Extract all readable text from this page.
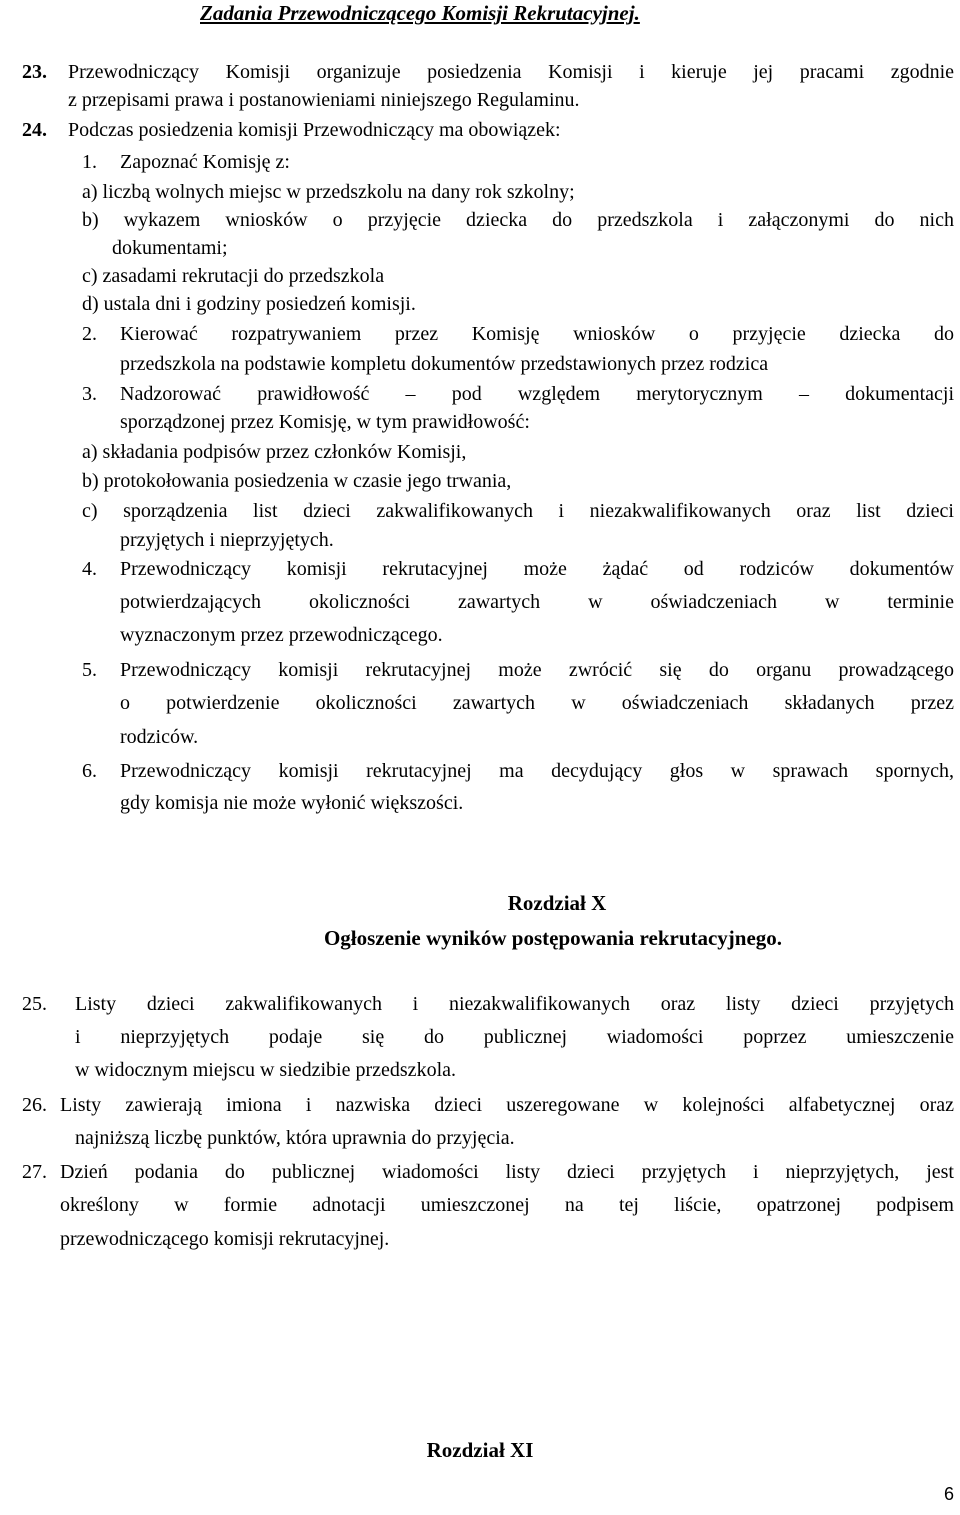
Zadania Przewodniczącego Komisji Rekrutacyjnej.
23. Przewodniczący Komisji organizuje posiedzenia Komisji i kieruje jej pracami zgodnie
z przepisami prawa i postanowieniami niniejszego Regulaminu.
24. Podczas posiedzenia komisji Przewodniczący ma obowiązek:
1. Zapoznać Komisję z:
a) liczbą wolnych miejsc w przedszkolu na dany rok szkolny;
b) wykazem wniosków o przyjęcie dziecka do przedszkola i załączonymi do nich
dokumentami;
c) zasadami rekrutacji do przedszkola
d) ustala dni i godziny posiedzeń komisji.
2. Kierować rozpatrywaniem przez Komisję wniosków o przyjęcie dziecka do
przedszkola na podstawie kompletu dokumentów przedstawionych przez rodzica
3. Nadzorować prawidłowość – pod względem merytorycznym – dokumentacji
sporządzonej przez Komisję, w tym prawidłowość:
a) składania podpisów przez członków Komisji,
b) protokołowania posiedzenia w czasie jego trwania,
c) sporządzenia list dzieci zakwalifikowanych i niezakwalifikowanych oraz list dzieci
przyjętych i nieprzyjętych.
4. Przewodniczący komisji rekrutacyjnej może żądać od rodziców dokumentów
potwierdzających okoliczności zawartych w oświadczeniach w terminie
wyznaczonym przez przewodniczącego.
5. Przewodniczący komisji rekrutacyjnej może zwrócić się do organu prowadzącego
o potwierdzenie okoliczności zawartych w oświadczeniach składanych przez
rodziców.
6. Przewodniczący komisji rekrutacyjnej ma decydujący głos w sprawach spornych,
gdy komisja nie może wyłonić większości.
Rozdział X
Ogłoszenie wyników postępowania rekrutacyjnego.
25. Listy dzieci zakwalifikowanych i niezakwalifikowanych oraz listy dzieci przyjętych
i nieprzyjętych podaje się do publicznej wiadomości poprzez umieszczenie
w widocznym miejscu w siedzibie przedszkola.
26. Listy zawierają imiona i nazwiska dzieci uszeregowane w kolejności alfabetycznej oraz
najniższą liczbę punktów, która uprawnia do przyjęcia.
27. Dzień podania do publicznej wiadomości listy dzieci przyjętych i nieprzyjętych, jest
określony w formie adnotacji umieszczonej na tej liście, opatrzonej podpisem
przewodniczącego komisji rekrutacyjnej.
Rozdział XI
6
